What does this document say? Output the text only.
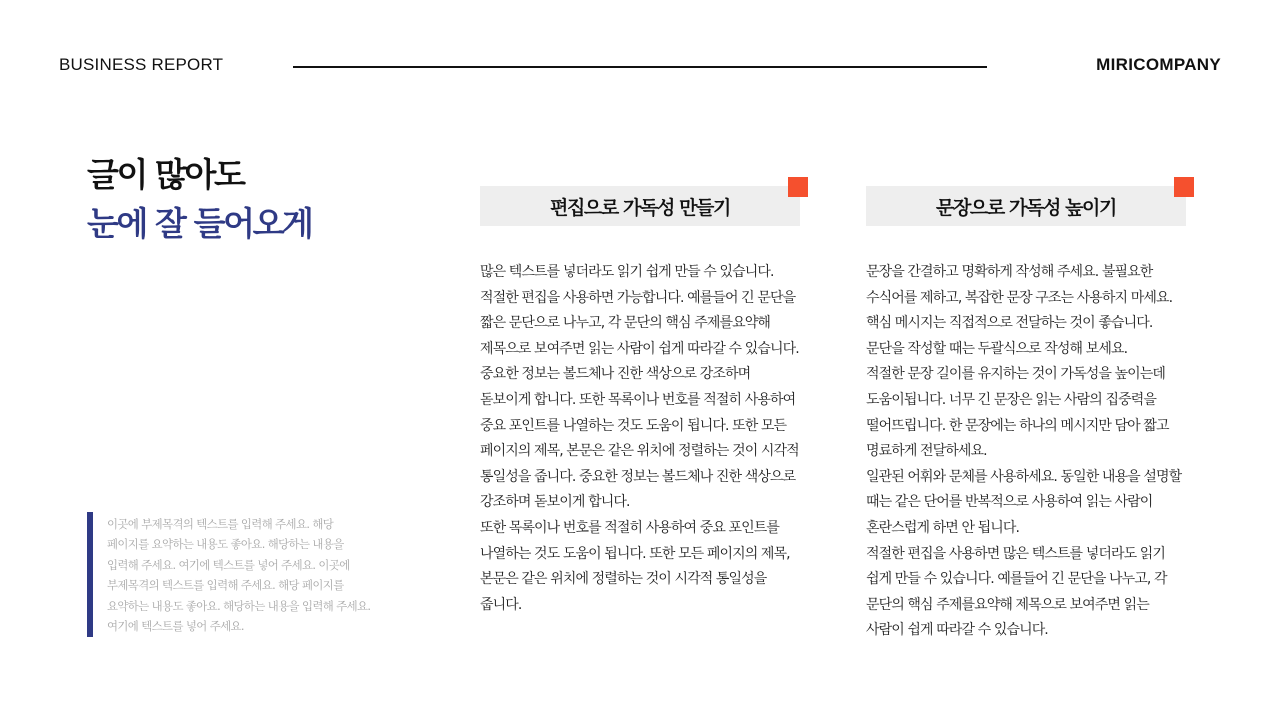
BUSINESS REPORT	MIRICOMPANY
글이 많아도
눈에 잘 들어오게
이곳에 부제목격의 텍스트를 입력해 주세요. 해당 페이지를 요약하는 내용도 좋아요. 해당하는 내용을 입력해 주세요. 여기에 텍스트를 넣어 주세요. 이곳에 부제목격의 텍스트를 입력해 주세요. 해당 페이지를 요약하는 내용도 좋아요. 해당하는 내용을 입력해 주세요. 여기에 텍스트를 넣어 주세요.
편집으로 가독성 만들기

많은 텍스트를 넣더라도 읽기 쉽게 만들 수 있습니다. 적절한 편집을 사용하면 가능합니다. 예를들어 긴 문단을 짧은 문단으로 나누고, 각 문단의 핵심 주제를요약해 제목으로 보여주면 읽는 사람이 쉽게 따라갈 수 있습니다.

중요한 정보는 볼드체나 진한 색상으로 강조하며 돋보이게 합니다. 또한 목록이나 번호를 적절히 사용하여 중요 포인트를 나열하는 것도 도움이 됩니다. 또한 모든 페이지의 제목, 본문은 같은 위치에 정렬하는 것이 시각적 통일성을 줍니다. 중요한 정보는 볼드체나 진한 색상으로 강조하며 돋보이게 합니다.

또한 목록이나 번호를 적절히 사용하여 중요 포인트를 나열하는 것도 도움이 됩니다. 또한 모든 페이지의 제목, 본문은 같은 위치에 정렬하는 것이 시각적 통일성을 줍니다.

문장으로 가독성 높이기

문장을 간결하고 명확하게 작성해 주세요. 불필요한 수식어를 제하고, 복잡한 문장 구조는 사용하지 마세요. 핵심 메시지는 직접적으로 전달하는 것이 좋습니다. 문단을 작성할 때는 두괄식으로 작성해 보세요.

적절한 문장 길이를 유지하는 것이 가독성을 높이는데 도움이됩니다. 너무 긴 문장은 읽는 사람의 집중력을 떨어뜨립니다. 한 문장에는 하나의 메시지만 담아 짧고 명료하게 전달하세요.

일관된 어휘와 문체를 사용하세요. 동일한 내용을 설명할 때는 같은 단어를 반복적으로 사용하여 읽는 사람이 혼란스럽게 하면 안 됩니다.

적절한 편집을 사용하면 많은 텍스트를 넣더라도 읽기 쉽게 만들 수 있습니다. 예를들어 긴 문단을 나누고, 각 문단의 핵심 주제를요약해 제목으로 보여주면 읽는 사람이 쉽게 따라갈 수 있습니다.
